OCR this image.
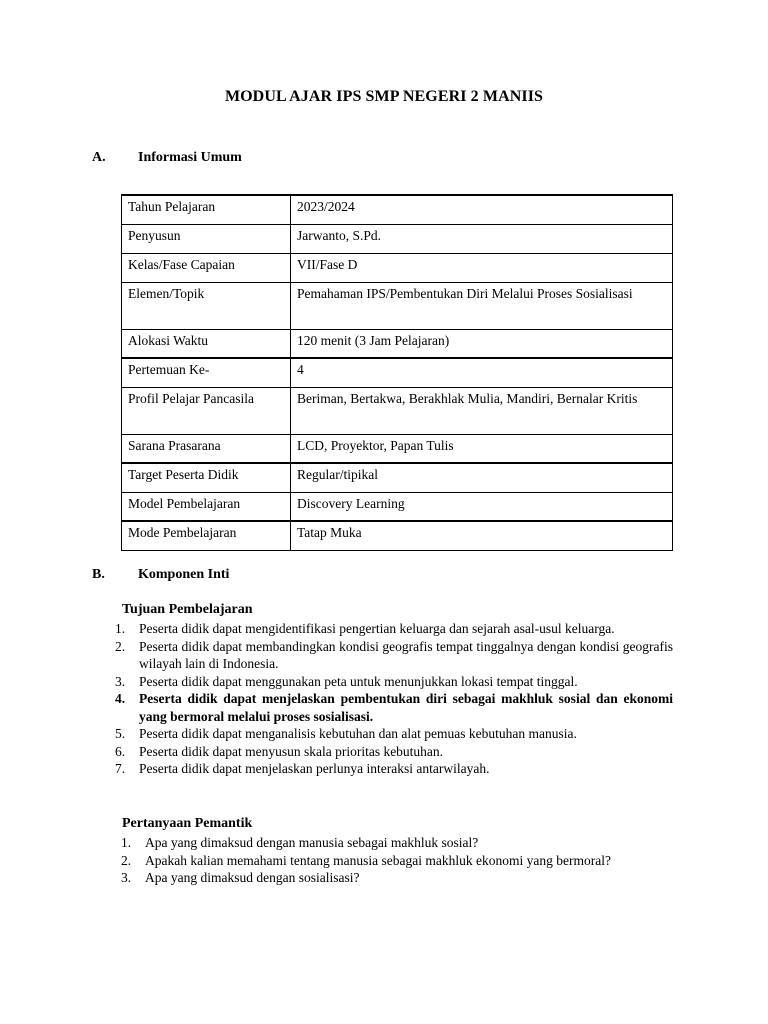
MODUL AJAR IPS SMP NEGERI 2 MANIIS
A. Informasi Umum
Tahun Pelajaran	2023/2024
Penyusun	Jarwanto, S.Pd.
Kelas/Fase Capaian	VII/Fase D
Elemen/Topik	Pemahaman IPS/Pembentukan Diri Melalui Proses Sosialisasi
Alokasi Waktu	120 menit (3 Jam Pelajaran)
Pertemuan Ke-	4
Profil Pelajar Pancasila	Beriman, Bertakwa, Berakhlak Mulia, Mandiri, Bernalar Kritis
Sarana Prasarana	LCD, Proyektor, Papan Tulis
Target Peserta Didik	Regular/tipikal
Model Pembelajaran	Discovery Learning
Mode Pembelajaran	Tatap Muka
B. Komponen Inti
Tujuan Pembelajaran
1. Peserta didik dapat mengidentifikasi pengertian keluarga dan sejarah asal-usul keluarga.
2. Peserta didik dapat membandingkan kondisi geografis tempat tinggalnya dengan kondisi geografis wilayah lain di Indonesia.
3. Peserta didik dapat menggunakan peta untuk menunjukkan lokasi tempat tinggal.
4. Peserta didik dapat menjelaskan pembentukan diri sebagai makhluk sosial dan ekonomi yang bermoral melalui proses sosialisasi.
5. Peserta didik dapat menganalisis kebutuhan dan alat pemuas kebutuhan manusia.
6. Peserta didik dapat menyusun skala prioritas kebutuhan.
7. Peserta didik dapat menjelaskan perlunya interaksi antarwilayah.
Pertanyaan Pemantik
1. Apa yang dimaksud dengan manusia sebagai makhluk sosial?
2. Apakah kalian memahami tentang manusia sebagai makhluk ekonomi yang bermoral?
3. Apa yang dimaksud dengan sosialisasi?
